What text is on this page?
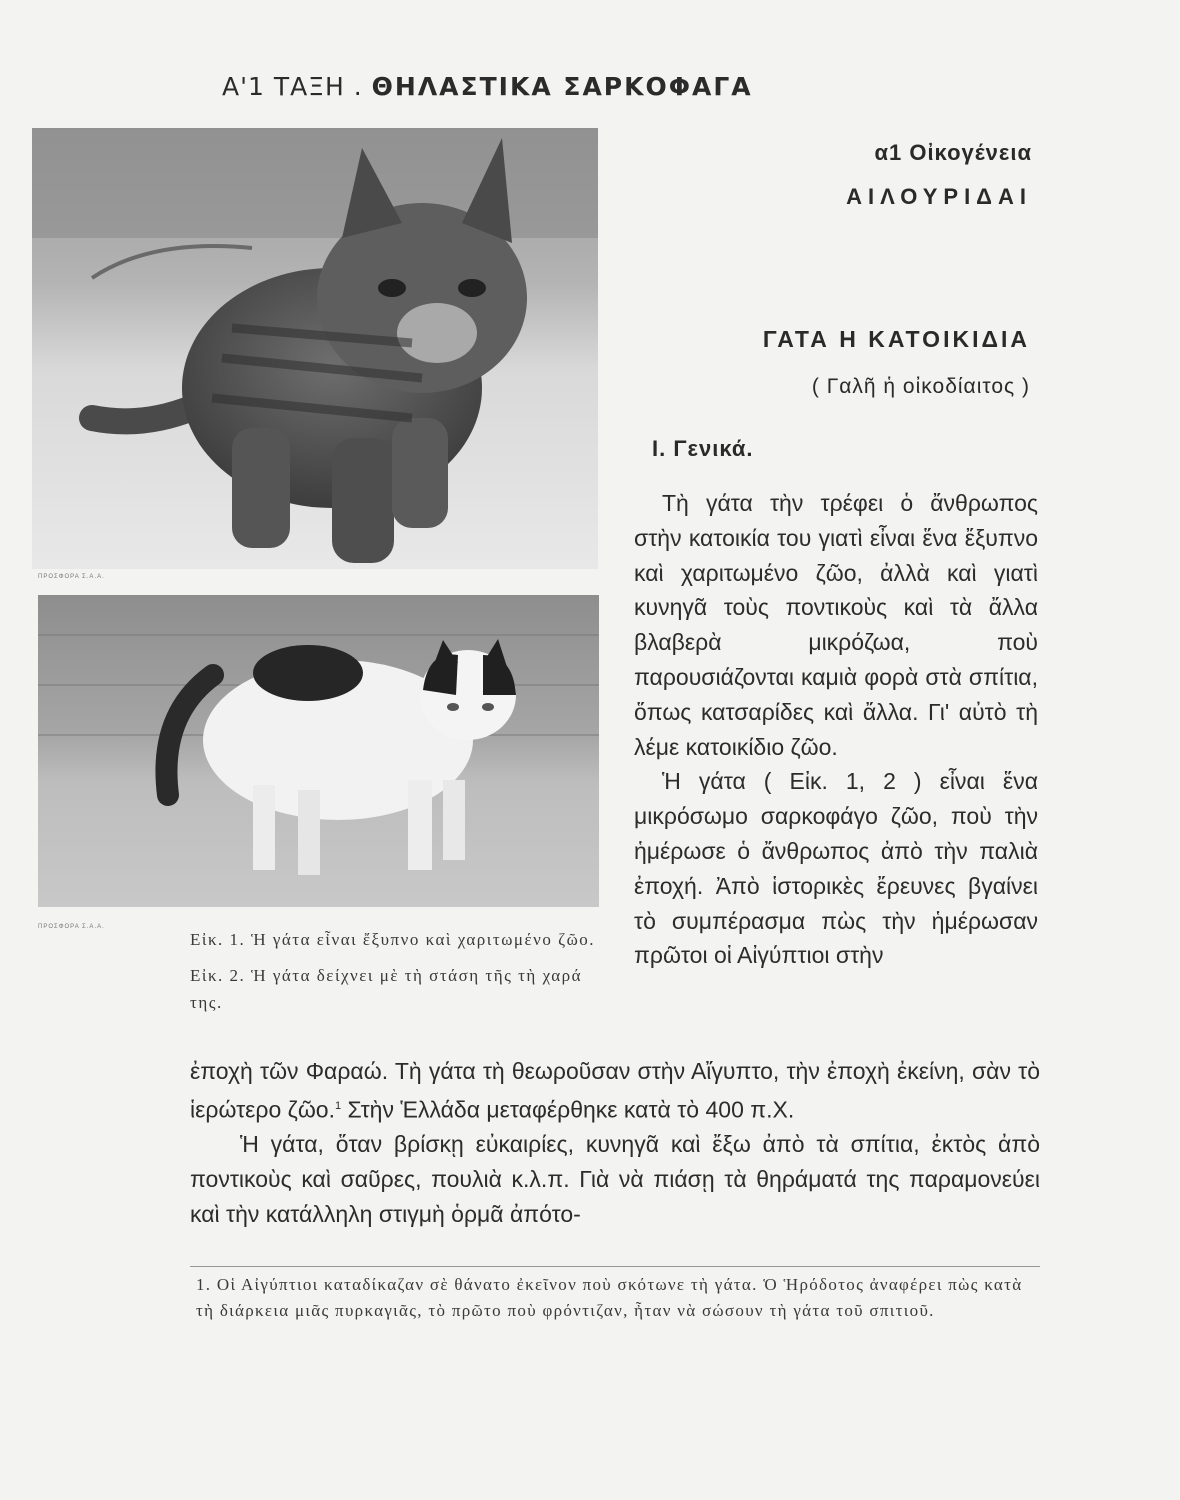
Α'1 ΤΑΞΗ . ΘΗΛΑΣΤΙΚΑ ΣΑΡΚΟΦΑΓΑ
ΠΡΟΣΦΟΡΑ Σ.Α.Α.
ΠΡΟΣΦΟΡΑ Σ.Α.Α.
α1 Οἰκογένεια
ΑΙΛΟΥΡΙΔΑΙ
ΓΑΤΑ Η ΚΑΤΟΙΚΙΔΙΑ
( Γαλῆ ἡ οἰκοδίαιτος )
Ι. Γενικά.

Τὴ γάτα τὴν τρέφει ὁ ἄνθρωπος στὴν κατοικία του γιατὶ εἶναι ἕνα ἔξυπνο καὶ χαριτωμένο ζῶο, ἀλλὰ καὶ γιατὶ κυνηγᾶ τοὺς ποντικοὺς καὶ τὰ ἄλλα βλαβερὰ μικρόζωα, ποὺ παρουσιάζονται καμιὰ φορὰ στὰ σπίτια, ὅπως κατσαρίδες καὶ ἄλλα. Γι' αὐτὸ τὴ λέμε κατοικίδιο ζῶο.

Ἡ γάτα ( Εἰκ. 1, 2 ) εἶναι ἕνα μικρόσωμο σαρκοφάγο ζῶο, ποὺ τὴν ἡμέρωσε ὁ ἄνθρωπος ἀπὸ τὴν παλιὰ ἐποχή. Ἀπὸ ἱστορικὲς ἔρευνες βγαίνει τὸ συμπέρασμα πὼς τὴν ἡμέρωσαν πρῶτοι οἱ Αἰγύπτιοι στὴν

Εἰκ. 1. Ἡ γάτα εἶναι ἔξυπνο καὶ χαριτωμένο ζῶο.

Εἰκ. 2. Ἡ γάτα δείχνει μὲ τὴ στάση τῆς τὴ χαρά της.

ἐποχὴ τῶν Φαραώ. Τὴ γάτα τὴ θεωροῦσαν στὴν Αἴγυπτο, τὴν ἐποχὴ ἐκείνη, σὰν τὸ ἱερώτερο ζῶο.$^1$ Στὴν Ἑλλάδα μεταφέρθηκε κατὰ τὸ 400 π.Χ.

Ἡ γάτα, ὅταν βρίσκῃ εὐκαιρίες, κυνηγᾶ καὶ ἔξω ἀπὸ τὰ σπίτια, ἐκτὸς ἀπὸ ποντικοὺς καὶ σαῦρες, πουλιὰ κ.λ.π. Γιὰ νὰ πιάσῃ τὰ θηράματά της παραμονεύει καὶ τὴν κατάλληλη στιγμὴ ὁρμᾶ ἀπότο-

1. Οἱ Αἰγύπτιοι καταδίκαζαν σὲ θάνατο ἐκεῖνον ποὺ σκότωνε τὴ γάτα. Ὁ Ἡρόδοτος ἀναφέρει πὼς κατὰ τὴ διάρκεια μιᾶς πυρκαγιᾶς, τὸ πρῶτο ποὺ φρόντιζαν, ἦταν νὰ σώσουν τὴ γάτα τοῦ σπιτιοῦ.
